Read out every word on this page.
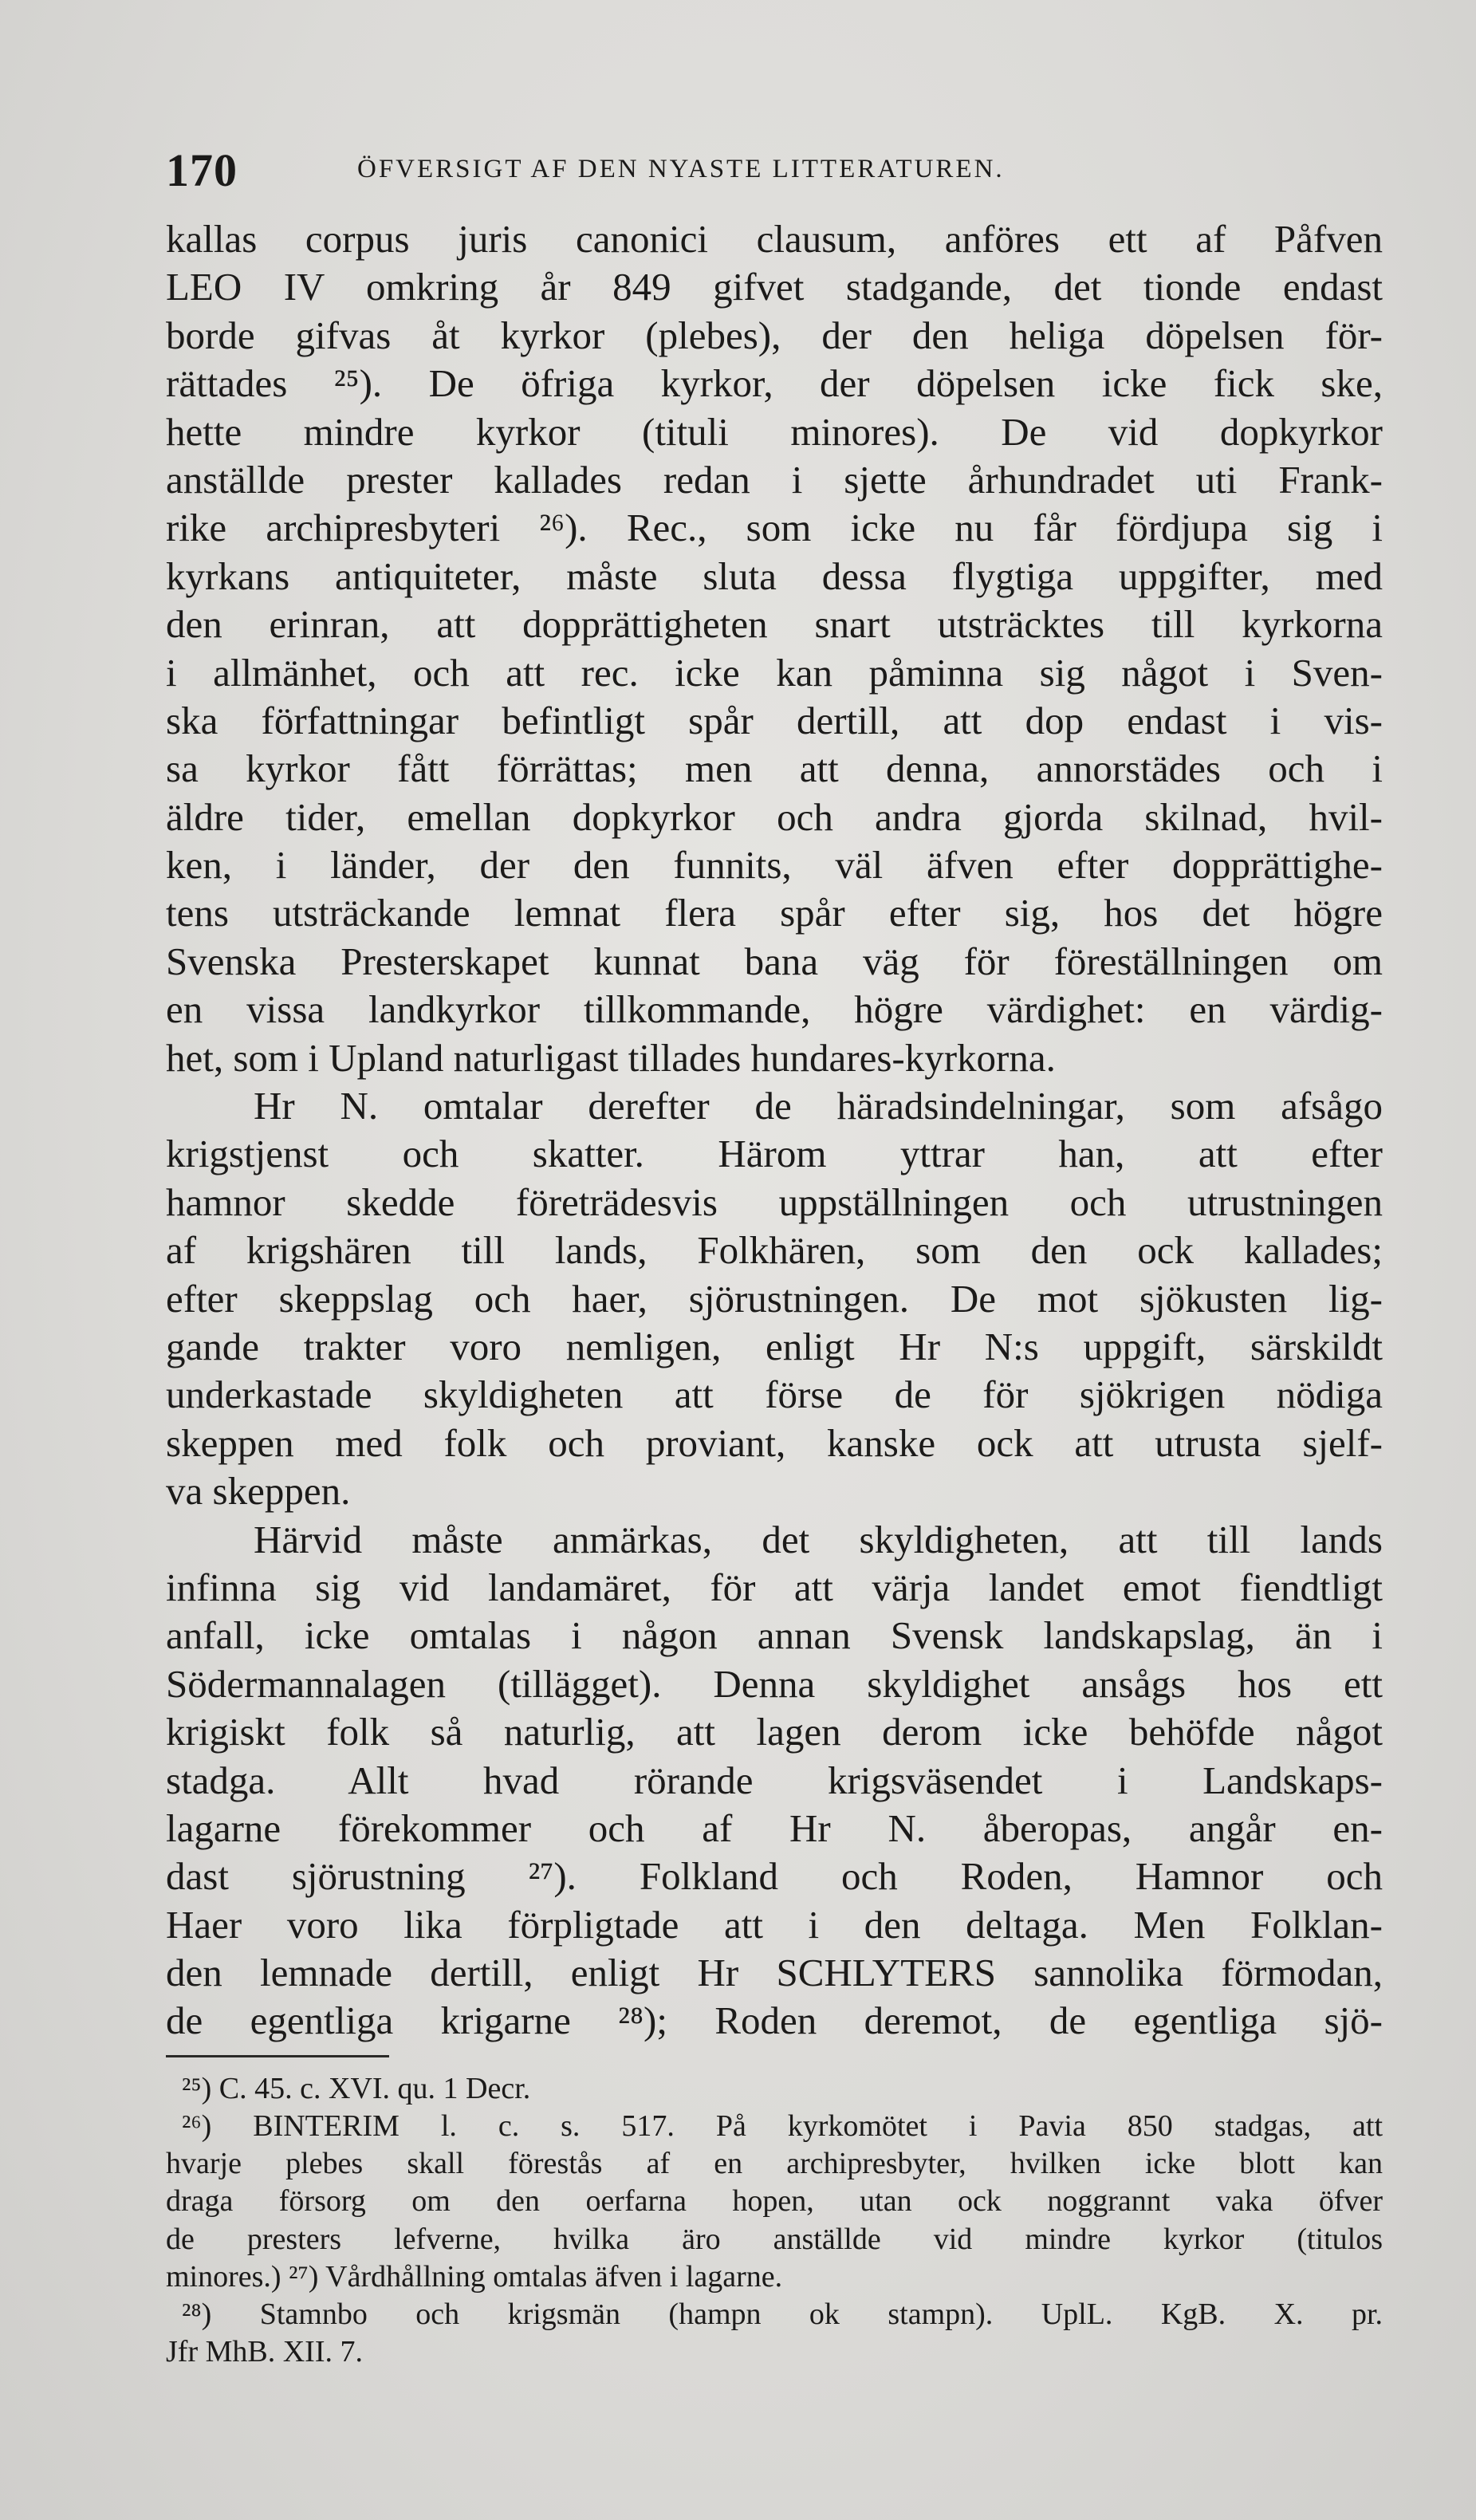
170	ÖFVERSIGT AF DEN NYASTE LITTERATUREN.
kallas corpus juris canonici clausum, anföres ett af Påfven
LEO IV omkring år 849 gifvet stadgande, det tionde endast
borde gifvas åt kyrkor (plebes), der den heliga döpelsen för-
rättades ²⁵). De öfriga kyrkor, der döpelsen icke fick ske,
hette mindre kyrkor (tituli minores). De vid dopkyrkor
anställde prester kallades redan i sjette århundradet uti Frank-
rike archipresbyteri ²⁶). Rec., som icke nu får fördjupa sig i
kyrkans antiquiteter, måste sluta dessa flygtiga uppgifter, med
den erinran, att dopprättigheten snart utsträcktes till kyrkorna
i allmänhet, och att rec. icke kan påminna sig något i Sven-
ska författningar befintligt spår dertill, att dop endast i vis-
sa kyrkor fått förrättas; men att denna, annorstädes och i
äldre tider, emellan dopkyrkor och andra gjorda skilnad, hvil-
ken, i länder, der den funnits, väl äfven efter dopprättighe-
tens utsträckande lemnat flera spår efter sig, hos det högre
Svenska Presterskapet kunnat bana väg för föreställningen om
en vissa landkyrkor tillkommande, högre värdighet: en värdig-
het, som i Upland naturligast tillades hundares-kyrkorna.
Hr N. omtalar derefter de häradsindelningar, som afsågo
krigstjenst och skatter. Härom yttrar han, att efter
hamnor skedde företrädesvis uppställningen och utrustningen
af krigshären till lands, Folkhären, som den ock kallades;
efter skeppslag och haer, sjörustningen. De mot sjökusten lig-
gande trakter voro nemligen, enligt Hr N:s uppgift, särskildt
underkastade skyldigheten att förse de för sjökrigen nödiga
skeppen med folk och proviant, kanske ock att utrusta sjelf-
va skeppen.
Härvid måste anmärkas, det skyldigheten, att till lands
infinna sig vid landamäret, för att värja landet emot fiendtligt
anfall, icke omtalas i någon annan Svensk landskapslag, än i
Södermannalagen (tillägget). Denna skyldighet ansågs hos ett
krigiskt folk så naturlig, att lagen derom icke behöfde något
stadga. Allt hvad rörande krigsväsendet i Landskaps-
lagarne förekommer och af Hr N. åberopas, angår en-
dast sjörustning ²⁷). Folkland och Roden, Hamnor och
Haer voro lika förpligtade att i den deltaga. Men Folklan-
den lemnade dertill, enligt Hr SCHLYTERS sannolika förmodan,
de egentliga krigarne ²⁸); Roden deremot, de egentliga sjö-
²⁵) C. 45. c. XVI. qu. 1 Decr.
²⁶) BINTERIM l. c. s. 517. På kyrkomötet i Pavia 850 stadgas, att
hvarje plebes skall förestås af en archipresbyter, hvilken icke blott kan
draga försorg om den oerfarna hopen, utan ock noggrannt vaka öfver
de presters lefverne, hvilka äro anställde vid mindre kyrkor (titulos
minores.) ²⁷) Vårdhållning omtalas äfven i lagarne.
²⁸) Stamnbo och krigsmän (hampn ok stampn). UplL. KgB. X. pr.
Jfr MhB. XII. 7.
